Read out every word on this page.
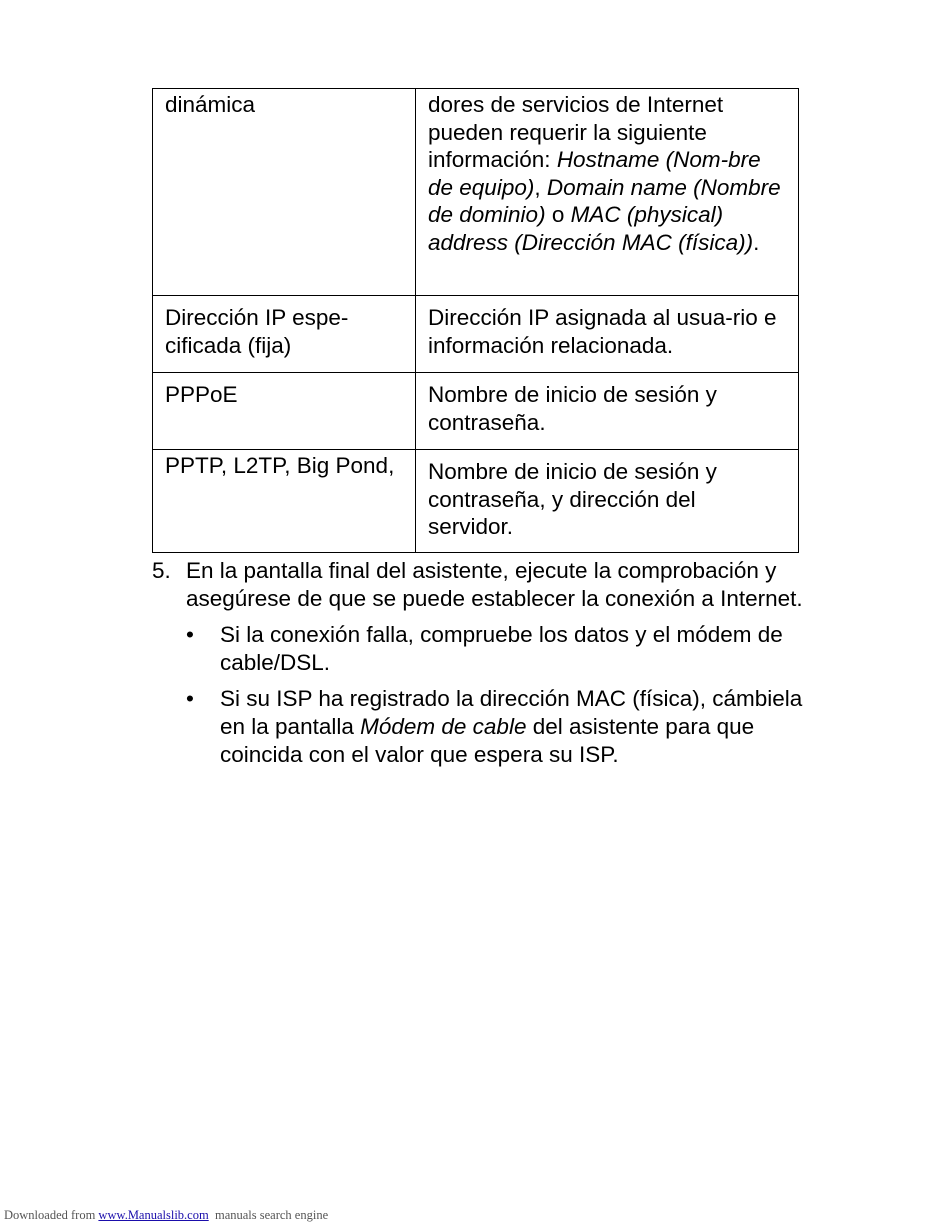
dinámica	dores de servicios de Internet pueden requerir la siguiente información: Hostname (Nom-bre de equipo), Domain name (Nombre de dominio) o MAC (physical) address (Dirección MAC (física)).
Dirección IP espe-cificada (fija)	Dirección IP asignada al usua-rio e información relacionada.
PPPoE	Nombre de inicio de sesión y contraseña.
PPTP, L2TP, Big Pond,	Nombre de inicio de sesión y contraseña, y dirección del servidor.
5. En la pantalla final del asistente, ejecute la comprobación y asegúrese de que se puede establecer la conexión a Internet.
• Si la conexión falla, compruebe los datos y el módem de cable/DSL.
• Si su ISP ha registrado la dirección MAC (física), cámbiela en la pantalla Módem de cable del asistente para que coincida con el valor que espera su ISP.
Downloaded from www.Manualslib.com  manuals search engine
